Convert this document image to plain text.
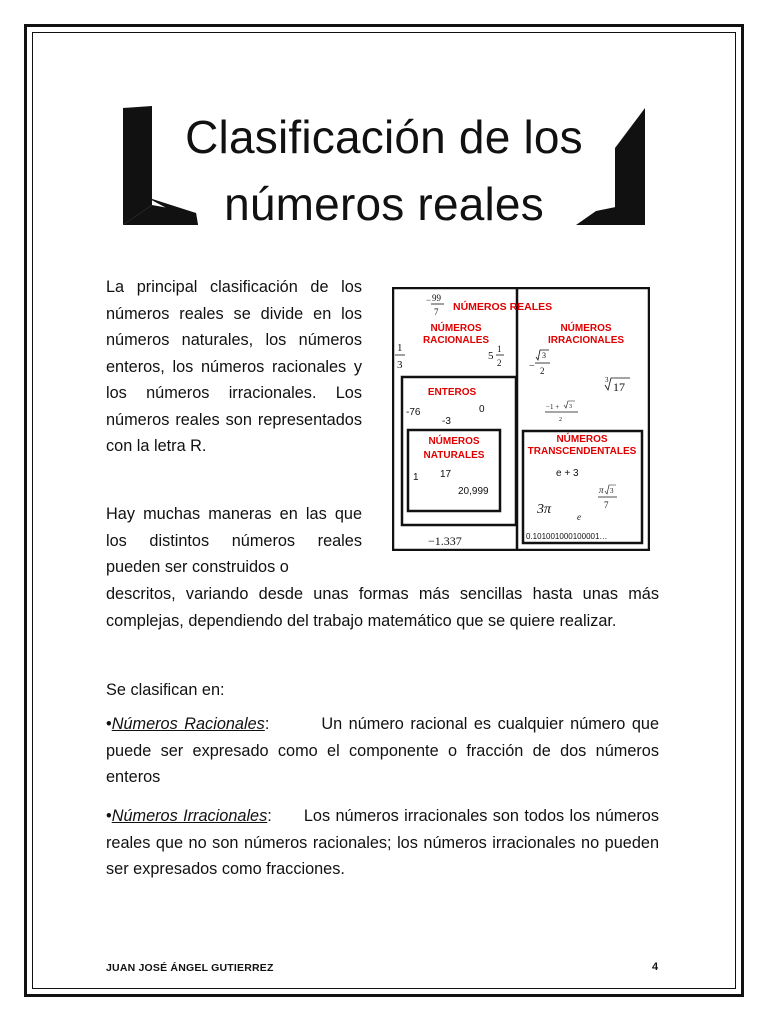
Clasificación de los
números reales
La principal clasificación de los números reales se divide en los números naturales, los números enteros, los números racionales y los números irracionales. Los números reales son representados con la letra R.
Hay muchas maneras en las que los distintos números reales pueden ser construidos o
descritos, variando desde unas formas más sencillas hasta unas más complejas, dependiendo del trabajo matemático que se quiere realizar.
Se clasifican en:
•Números Racionales:        Un número racional es cualquier número que puede ser expresado como el componente o fracción de dos números enteros
•Números Irracionales:      Los números irracionales son todos los números reales que no son números racionales; los números irracionales no pueden ser expresados como fracciones.
NÚMEROS REALES
NÚMEROS
RACIONALES
NÚMEROS
IRRACIONALES
ENTEROS
NÚMEROS
NATURALES
NÚMEROS
TRANSCENDENTALES
− 99
7
1
3
5
1
2
-76	0
-3
1 17
20,999
−1.337
−
3
2
3 17
−1 + 3
2
e + 3
3π	e
π 3
7
0.101001000100001…
JUAN JOSÉ ÁNGEL GUTIERREZ	4
